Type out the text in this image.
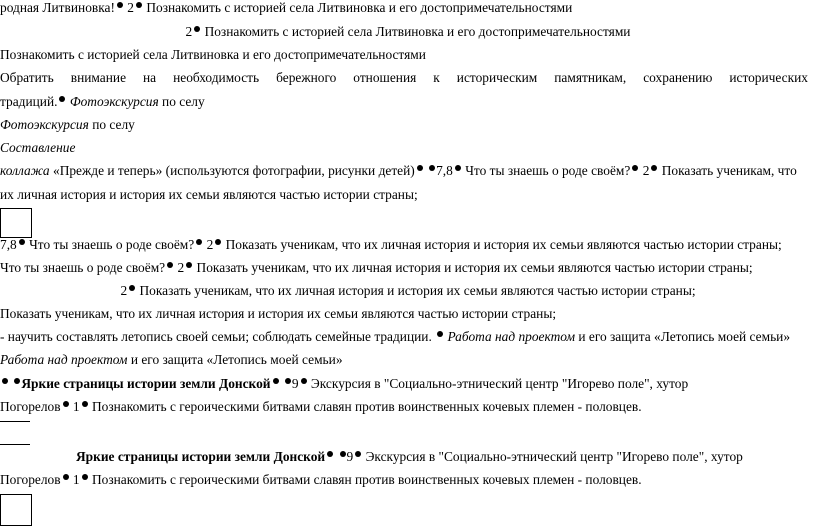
родная Литвиновка! 2 Познакомить с историей села Литвиновка и его достопримечательностями
2 Познакомить с историей села Литвиновка и его достопримечательностями
Познакомить с историей села Литвиновка и его достопримечательностями
Обратить внимание на необходимость бережного отношения к историческим памятникам, сохранению исторических
традиций. Фотоэкскурсия по селу
Фотоэкскурсия по селу
Составление
коллажа «Прежде и теперь» (используются фотографии, рисунки детей) 7,8 Что ты знаешь о роде своём? 2 Показать ученикам, что
их личная история и история их семьи являются частью истории страны;
7,8 Что ты знаешь о роде своём? 2 Показать ученикам, что их личная история и история их семьи являются частью истории страны;
Что ты знаешь о роде своём? 2 Показать ученикам, что их личная история и история их семьи являются частью истории страны;
2 Показать ученикам, что их личная история и история их семьи являются частью истории страны;
Показать ученикам, что их личная история и история их семьи являются частью истории страны;
- научить составлять летопись своей семьи; соблюдать семейные традиции. Работа над проектом и его защита «Летопись моей семьи»
Работа над проектом и его защита «Летопись моей семьи»
Яркие страницы истории земли Донской 9 Экскурсия в "Социально-этнический центр "Игорево поле", хутор
Погорелов 1 Познакомить с героическими битвами славян против воинственных кочевых племен - половцев.
Яркие страницы истории земли Донской 9 Экскурсия в "Социально-этнический центр "Игорево поле", хутор
Погорелов 1 Познакомить с героическими битвами славян против воинственных кочевых племен - половцев.
